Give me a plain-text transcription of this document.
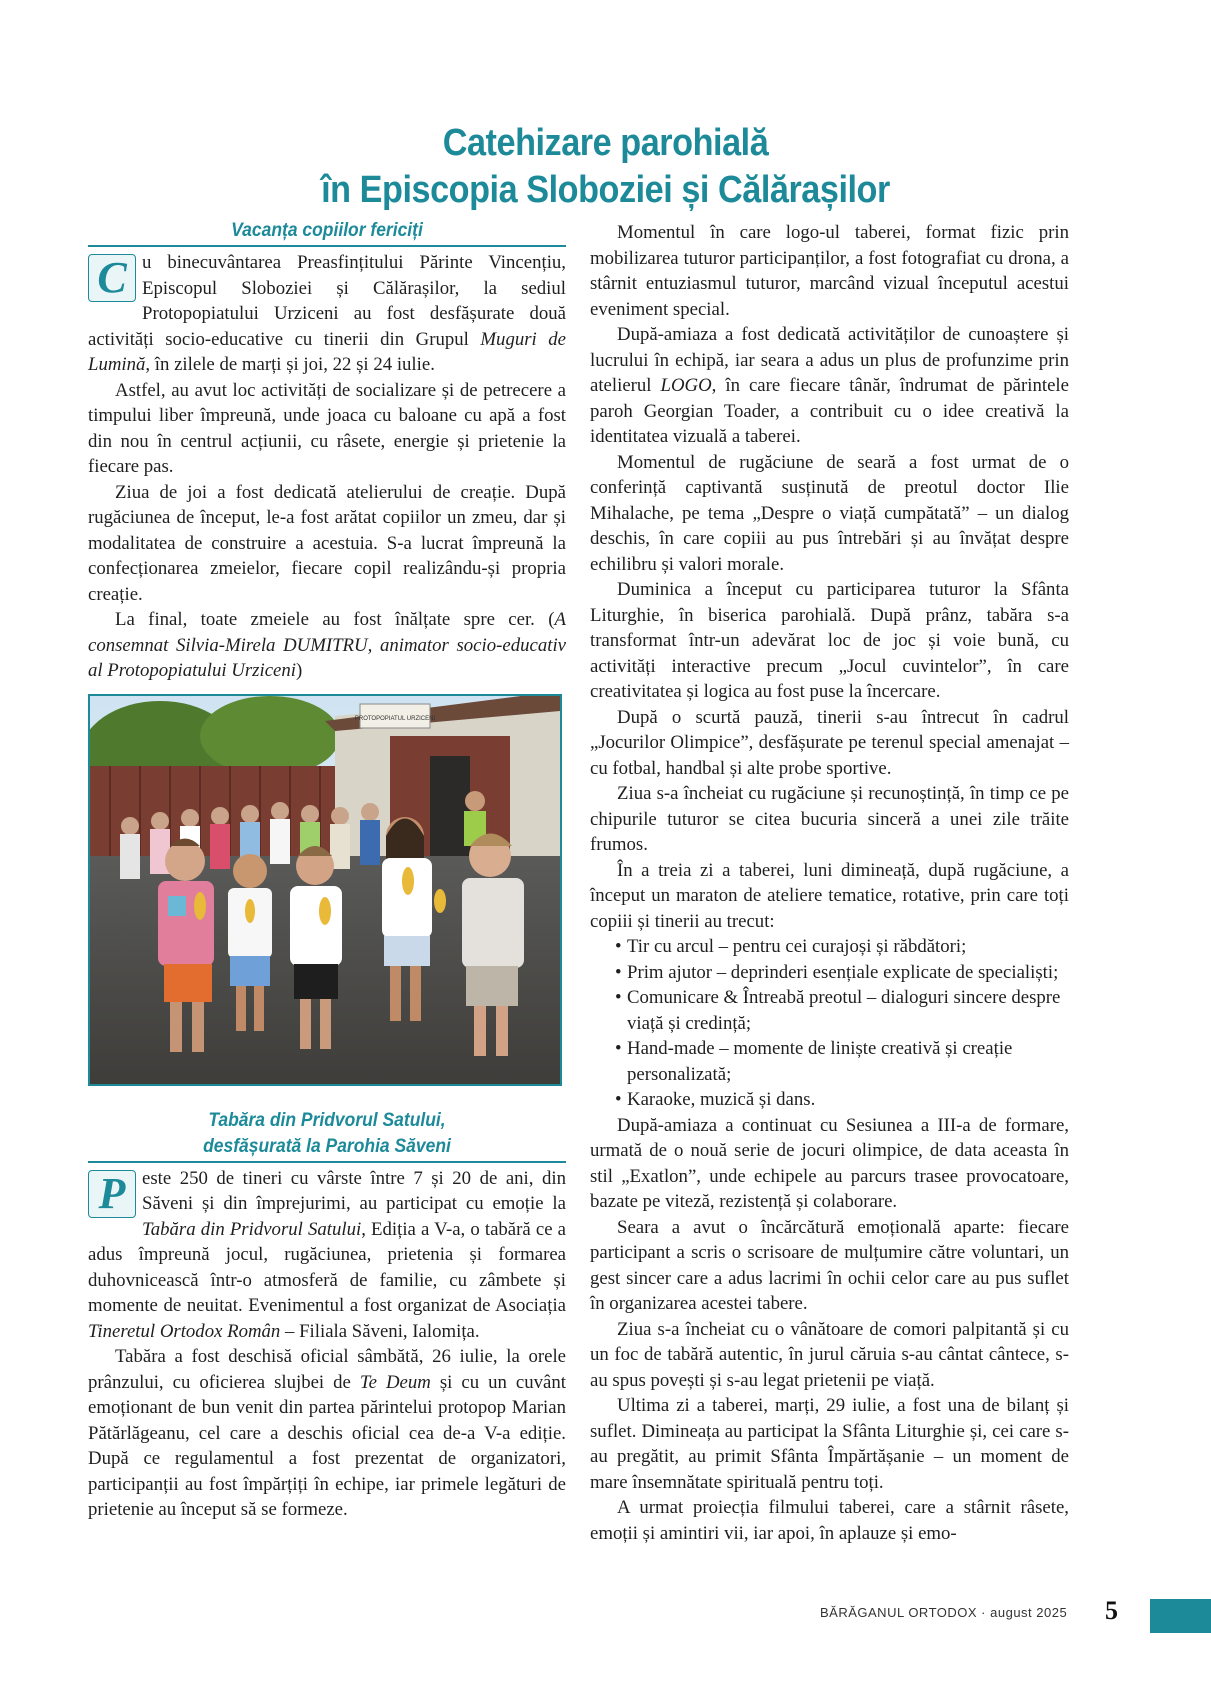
Catehizare parohială
în Episcopia Sloboziei și Călărașilor
Vacanța copiilor fericiți

C u binecuvântarea Preasfințitului Părinte Vincențiu, Episcopul Sloboziei și Călărașilor, la sediul Protopopiatului Urziceni au fost desfășurate două activități socio-educative cu tinerii din Grupul Muguri de Lumină, în zilele de marți și joi, 22 și 24 iulie.

Astfel, au avut loc activități de socializare și de petrecere a timpului liber împreună, unde joaca cu baloane cu apă a fost din nou în centrul acțiunii, cu râsete, energie și prietenie la fiecare pas.

Ziua de joi a fost dedicată atelierului de creație. După rugăciunea de început, le-a fost arătat copiilor un zmeu, dar și modalitatea de construire a acestuia. S-a lucrat împreună la confecționarea zmeielor, fiecare copil realizându-și propria creație.

La final, toate zmeiele au fost înălțate spre cer. (A consemnat Silvia-Mirela DUMITRU, animator socio-educativ al Protopopiatului Urziceni)

PROTOPOPIATUL URZICENI
Tabăra din Pridvorul Satului,
desfășurată la Parohia Săveni

P este 250 de tineri cu vârste între 7 și 20 de ani, din Săveni și din împrejurimi, au participat cu emoție la Tabăra din Pridvorul Satului, Ediția a V-a, o tabără ce a adus împreună jocul, rugăciunea, prietenia și formarea duhovnicească într-o atmosferă de familie, cu zâmbete și momente de neuitat. Evenimentul a fost organizat de Asociația Tineretul Ortodox Român – Filiala Săveni, Ialomița.

Tabăra a fost deschisă oficial sâmbătă, 26 iulie, la orele prânzului, cu oficierea slujbei de Te Deum și cu un cuvânt emoționant de bun venit din partea părintelui protopop Marian Pătărlăgeanu, cel care a deschis oficial cea de-a V-a ediție. După ce regulamentul a fost prezentat de organizatori, participanții au fost împărțiți în echipe, iar primele legături de prietenie au început să se formeze.

Momentul în care logo-ul taberei, format fizic prin mobilizarea tuturor participanților, a fost fotografiat cu drona, a stârnit entuziasmul tuturor, marcând vizual începutul acestui eveniment special.

După-amiaza a fost dedicată activităților de cunoaștere și lucrului în echipă, iar seara a adus un plus de profunzime prin atelierul LOGO, în care fiecare tânăr, îndrumat de părintele paroh Georgian Toader, a contribuit cu o idee creativă la identitatea vizuală a taberei.

Momentul de rugăciune de seară a fost urmat de o conferință captivantă susținută de preotul doctor Ilie Mihalache, pe tema „Despre o viață cumpătată” – un dialog deschis, în care copiii au pus întrebări și au învățat despre echilibru și valori morale.

Duminica a început cu participarea tuturor la Sfânta Liturghie, în biserica parohială. După prânz, tabăra s-a transformat într-un adevărat loc de joc și voie bună, cu activități interactive precum „Jocul cuvintelor”, în care creativitatea și logica au fost puse la încercare.

După o scurtă pauză, tinerii s-au întrecut în cadrul „Jocurilor Olimpice”, desfășurate pe terenul special amenajat – cu fotbal, handbal și alte probe sportive.

Ziua s-a încheiat cu rugăciune și recunoștință, în timp ce pe chipurile tuturor se citea bucuria sinceră a unei zile trăite frumos.

În a treia zi a taberei, luni dimineață, după rugăciune, a început un maraton de ateliere tematice, rotative, prin care toți copiii și tinerii au trecut:

• Tir cu arcul – pentru cei curajoși și răbdători;
• Prim ajutor – deprinderi esențiale explicate de specialiști;
• Comunicare & Întreabă preotul – dialoguri sincere despre viață și credință;
• Hand-made – momente de liniște creativă și creație personalizată;
• Karaoke, muzică și dans.

După-amiaza a continuat cu Sesiunea a III-a de formare, urmată de o nouă serie de jocuri olimpice, de data aceasta în stil „Exatlon”, unde echipele au parcurs trasee provocatoare, bazate pe viteză, rezistență și colaborare.

Seara a avut o încărcătură emoțională aparte: fiecare participant a scris o scrisoare de mulțumire către voluntari, un gest sincer care a adus lacrimi în ochii celor care au pus suflet în organizarea acestei tabere.

Ziua s-a încheiat cu o vânătoare de comori palpitantă și cu un foc de tabără autentic, în jurul căruia s-au cântat cântece, s-au spus povești și s-au legat prietenii pe viață.

Ultima zi a taberei, marți, 29 iulie, a fost una de bilanț și suflet. Dimineața au participat la Sfânta Liturghie și, cei care s-au pregătit, au primit Sfânta Împărtășanie – un moment de mare însemnătate spirituală pentru toți.

A urmat proiecția filmului taberei, care a stârnit râsete, emoții și amintiri vii, iar apoi, în aplauze și emo-

BĂRĂGANUL ORTODOX · august 2025 5
